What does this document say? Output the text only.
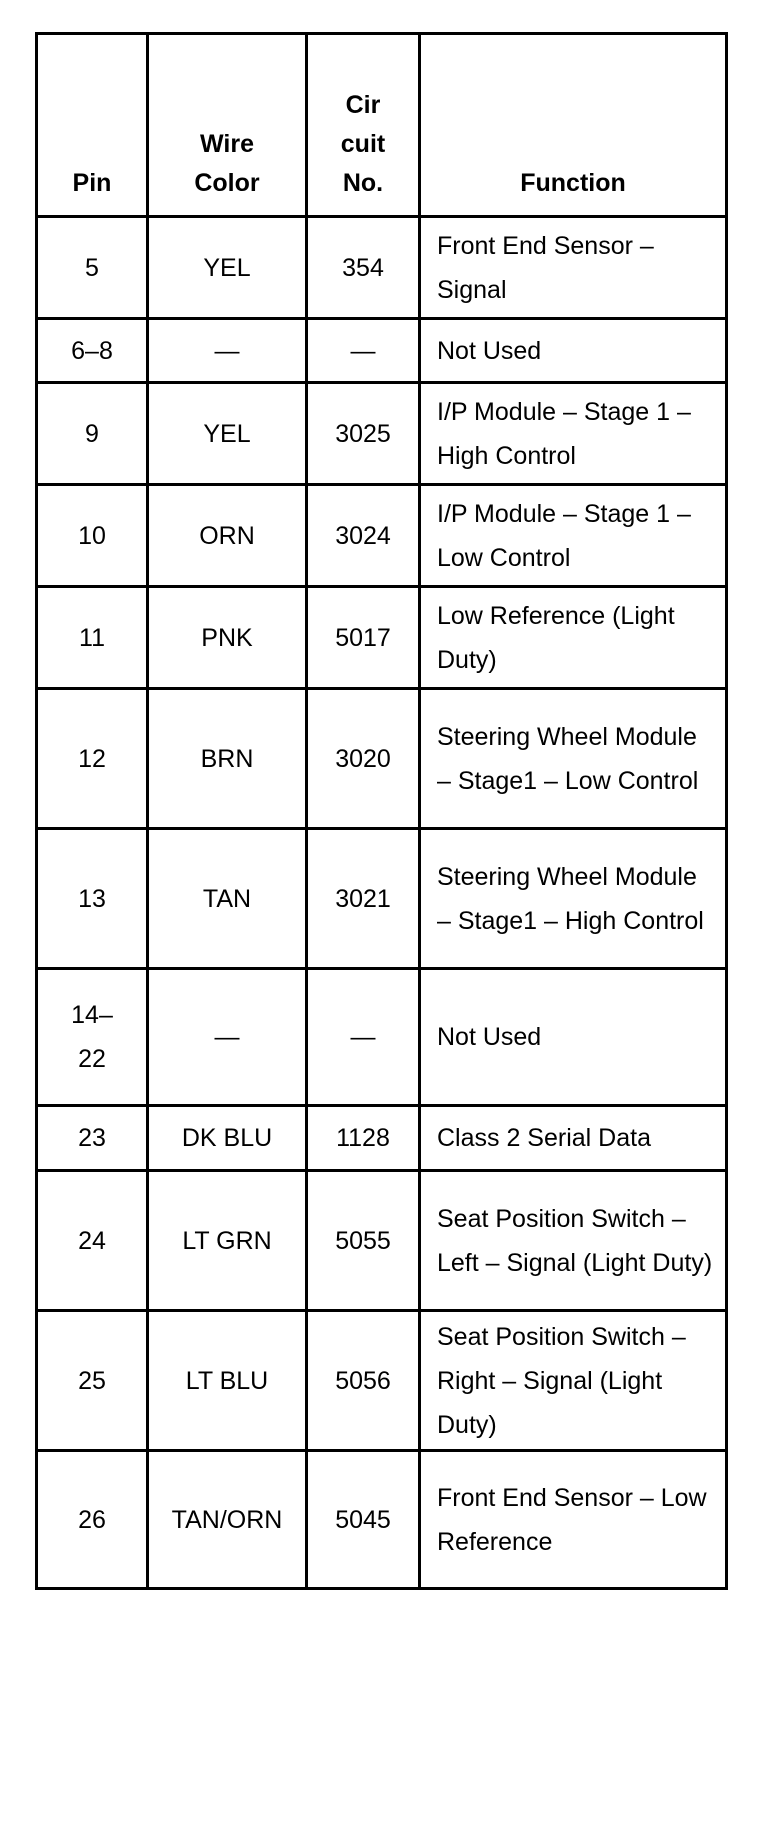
Pin	Wire Color	Cir cuit No.	Function
5	YEL	354	Front End Sensor – Signal
6–8	—	—	Not Used
9	YEL	3025	I/P Module – Stage 1 – High Control
10	ORN	3024	I/P Module – Stage 1 – Low Control
11	PNK	5017	Low Reference (Light Duty)
12	BRN	3020	Steering Wheel Module – Stage1 – Low Control
13	TAN	3021	Steering Wheel Module – Stage1 – High Control
14–22	—	—	Not Used
23	DK BLU	1128	Class 2 Serial Data
24	LT GRN	5055	Seat Position Switch – Left – Signal (Light Duty)
25	LT BLU	5056	Seat Position Switch – Right – Signal (Light Duty)
26	TAN/ORN	5045	Front End Sensor – Low Reference
